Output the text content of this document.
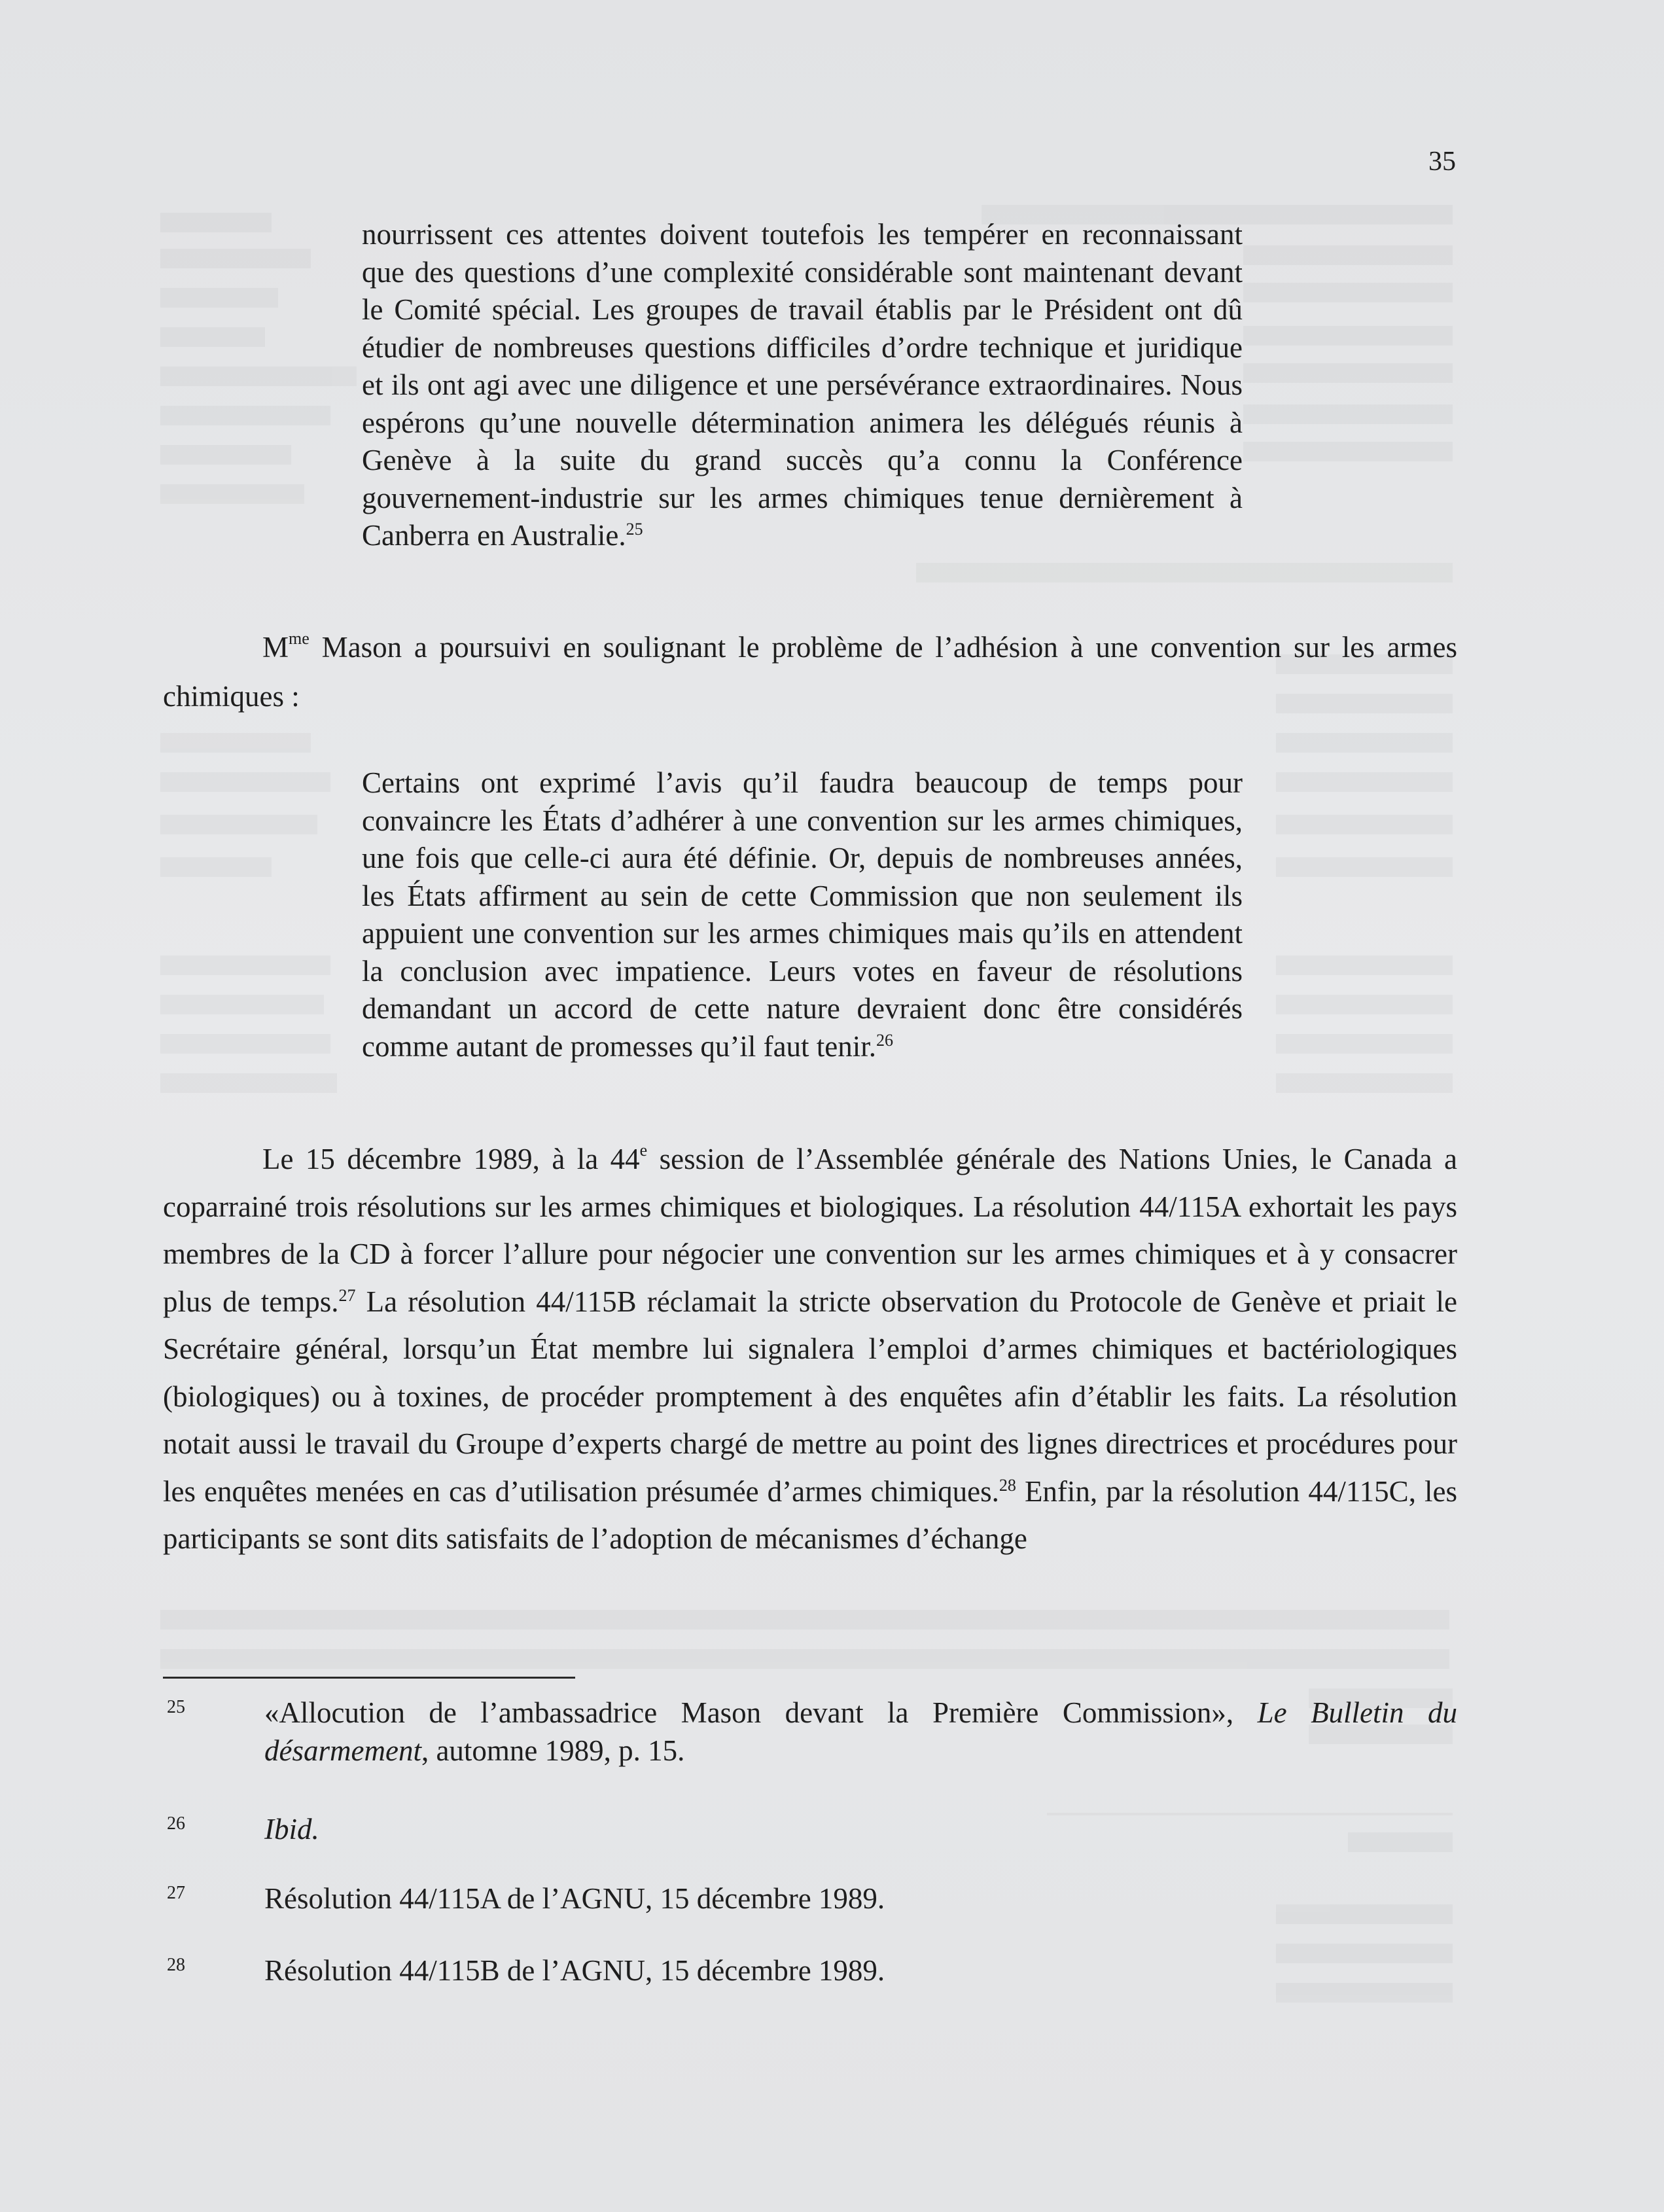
35

nourrissent ces attentes doivent toutefois les tempérer en reconnaissant que des questions d’une complexité considérable sont maintenant devant le Comité spécial. Les groupes de travail établis par le Président ont dû étudier de nombreuses questions difficiles d’ordre technique et juridique et ils ont agi avec une diligence et une persévérance extraordinaires. Nous espérons qu’une nouvelle détermination animera les délégués réunis à Genève à la suite du grand succès qu’a connu la Conférence gouvernement-industrie sur les armes chimiques tenue dernièrement à Canberra en Australie.$^{25}$

$M^{me}$ Mason a poursuivi en soulignant le problème de l’adhésion à une convention sur les armes chimiques :

Certains ont exprimé l’avis qu’il faudra beaucoup de temps pour convaincre les États d’adhérer à une convention sur les armes chimiques, une fois que celle-ci aura été définie. Or, depuis de nombreuses années, les États affirment au sein de cette Commission que non seulement ils appuient une convention sur les armes chimiques mais qu’ils en attendent la conclusion avec impatience. Leurs votes en faveur de résolutions demandant un accord de cette nature devraient donc être considérés comme autant de promesses qu’il faut tenir.$^{26}$

Le 15 décembre 1989, à la 44e session de l’Assemblée générale des Nations Unies, le Canada a coparrainé trois résolutions sur les armes chimiques et biologiques. La résolution 44/115A exhortait les pays membres de la CD à forcer l’allure pour négocier une convention sur les armes chimiques et à y consacrer plus de temps.$^{27}$ La résolution 44/115B réclamait la stricte observation du Protocole de Genève et priait le Secrétaire général, lorsqu’un État membre lui signalera l’emploi d’armes chimiques et bactériologiques (biologiques) ou à toxines, de procéder promptement à des enquêtes afin d’établir les faits. La résolution notait aussi le travail du Groupe d’experts chargé de mettre au point des lignes directrices et procédures pour les enquêtes menées en cas d’utilisation présumée d’armes chimiques.$^{28}$ Enfin, par la résolution 44/115C, les participants se sont dits satisfaits de l’adoption de mécanismes d’échange

25	«Allocution de l’ambassadrice Mason devant la Première Commission», Le Bulletin du désarmement, automne 1989, p. 15.
26	Ibid.
27	Résolution 44/115A de l’AGNU, 15 décembre 1989.
28	Résolution 44/115B de l’AGNU, 15 décembre 1989.
